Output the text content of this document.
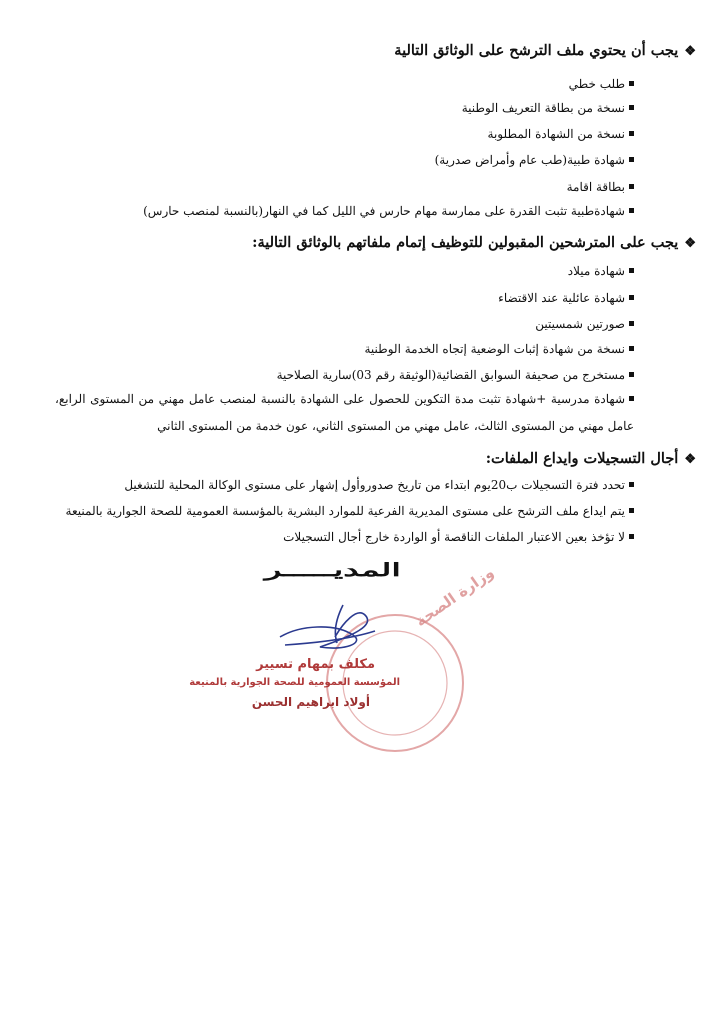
❖يجب أن يحتوي ملف الترشح على الوثائق التالية
طلب خطي
نسخة من بطاقة التعريف الوطنية
نسخة من الشهادة المطلوبة
شهادة طبية(طب عام وأمراض صدرية)
بطاقة اقامة
شهادةطبية تثبت القدرة على ممارسة مهام حارس في الليل كما في النهار(بالنسبة لمنصب حارس)
❖يجب على المترشحين المقبولين للتوظيف إتمام ملفاتهم بالوثائق التالية:
شهادة ميلاد
شهادة عائلية عند الاقتضاء
صورتين شمسيتين
نسخة من شهادة إثبات الوضعية إتجاه الخدمة الوطنية
مستخرج من صحيفة السوابق القضائية(الوثيقة رقم 03)سارية الصلاحية
شهادة مدرسية +شهادة تثبت مدة التكوين للحصول على الشهادة بالنسبة لمنصب عامل مهني من المستوى الرابع، عامل مهني من المستوى الثالث، عامل مهني من المستوى الثاني، عون خدمة من المستوى الثاني
❖أجال التسجيلات وايداع الملفات:
تحدد فترة التسجيلات ب20يوم ابتداء من تاريخ صدوروأول إشهار على مستوى الوكالة المحلية للتشغيل
يتم ايداع ملف الترشح على مستوى المديرية الفرعية للموارد البشرية بالمؤسسة العمومية للصحة الجوارية بالمنيعة
لا تؤخذ بعين الاعتبار الملفات الناقصة أو الواردة خارج أجال التسجيلات
المديـــــر وزارة الصحة
مكلف بمهام تسيير
المؤسسة العمومية للصحة الجوارية بالمنيعة
أولاد ابراهيم الحسن
